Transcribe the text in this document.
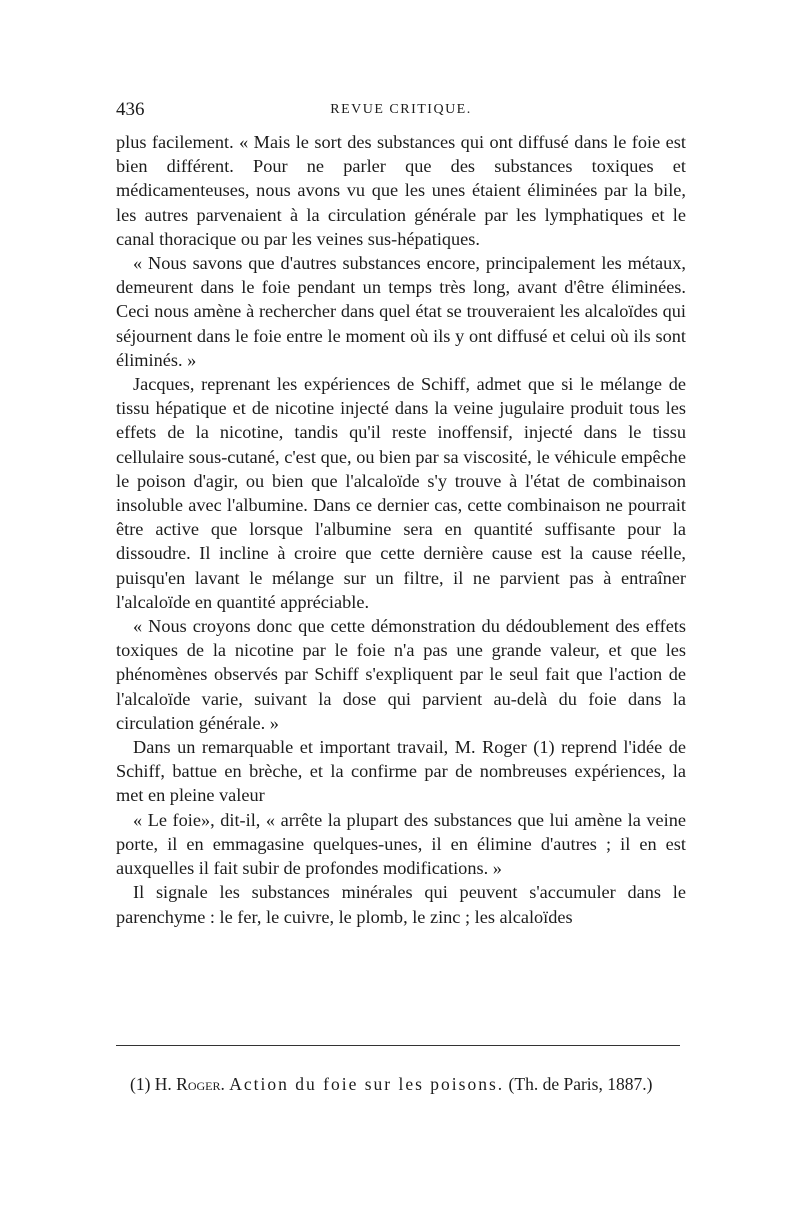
436	REVUE CRITIQUE.

plus facilement. « Mais le sort des substances qui ont diffusé dans le foie est bien différent. Pour ne parler que des substances toxiques et médicamenteuses, nous avons vu que les unes étaient éliminées par la bile, les autres parvenaient à la circulation générale par les lymphatiques et le canal thoracique ou par les veines sus-hépatiques.

« Nous savons que d'autres substances encore, principalement les métaux, demeurent dans le foie pendant un temps très long, avant d'être éliminées. Ceci nous amène à rechercher dans quel état se trouveraient les alcaloïdes qui séjournent dans le foie entre le moment où ils y ont diffusé et celui où ils sont éliminés. »

Jacques, reprenant les expériences de Schiff, admet que si le mélange de tissu hépatique et de nicotine injecté dans la veine jugulaire produit tous les effets de la nicotine, tandis qu'il reste inoffensif, injecté dans le tissu cellulaire sous-cutané, c'est que, ou bien par sa viscosité, le véhicule empêche le poison d'agir, ou bien que l'alcaloïde s'y trouve à l'état de combinaison insoluble avec l'albumine. Dans ce dernier cas, cette combinaison ne pourrait être active que lorsque l'albumine sera en quantité suffisante pour la dissoudre. Il incline à croire que cette dernière cause est la cause réelle, puisqu'en lavant le mélange sur un filtre, il ne parvient pas à entraîner l'alcaloïde en quantité appréciable.

« Nous croyons donc que cette démonstration du dédoublement des effets toxiques de la nicotine par le foie n'a pas une grande valeur, et que les phénomènes observés par Schiff s'expliquent par le seul fait que l'action de l'alcaloïde varie, suivant la dose qui parvient au-delà du foie dans la circulation générale. »

Dans un remarquable et important travail, M. Roger (1) reprend l'idée de Schiff, battue en brèche, et la confirme par de nombreuses expériences, la met en pleine valeur

« Le foie», dit-il, « arrête la plupart des substances que lui amène la veine porte, il en emmagasine quelques-unes, il en élimine d'autres ; il en est auxquelles il fait subir de profondes modifications. »

Il signale les substances minérales qui peuvent s'accumuler dans le parenchyme : le fer, le cuivre, le plomb, le zinc ; les alcaloïdes

(1) H. Roger. Action du foie sur les poisons. (Th. de Paris, 1887.)
